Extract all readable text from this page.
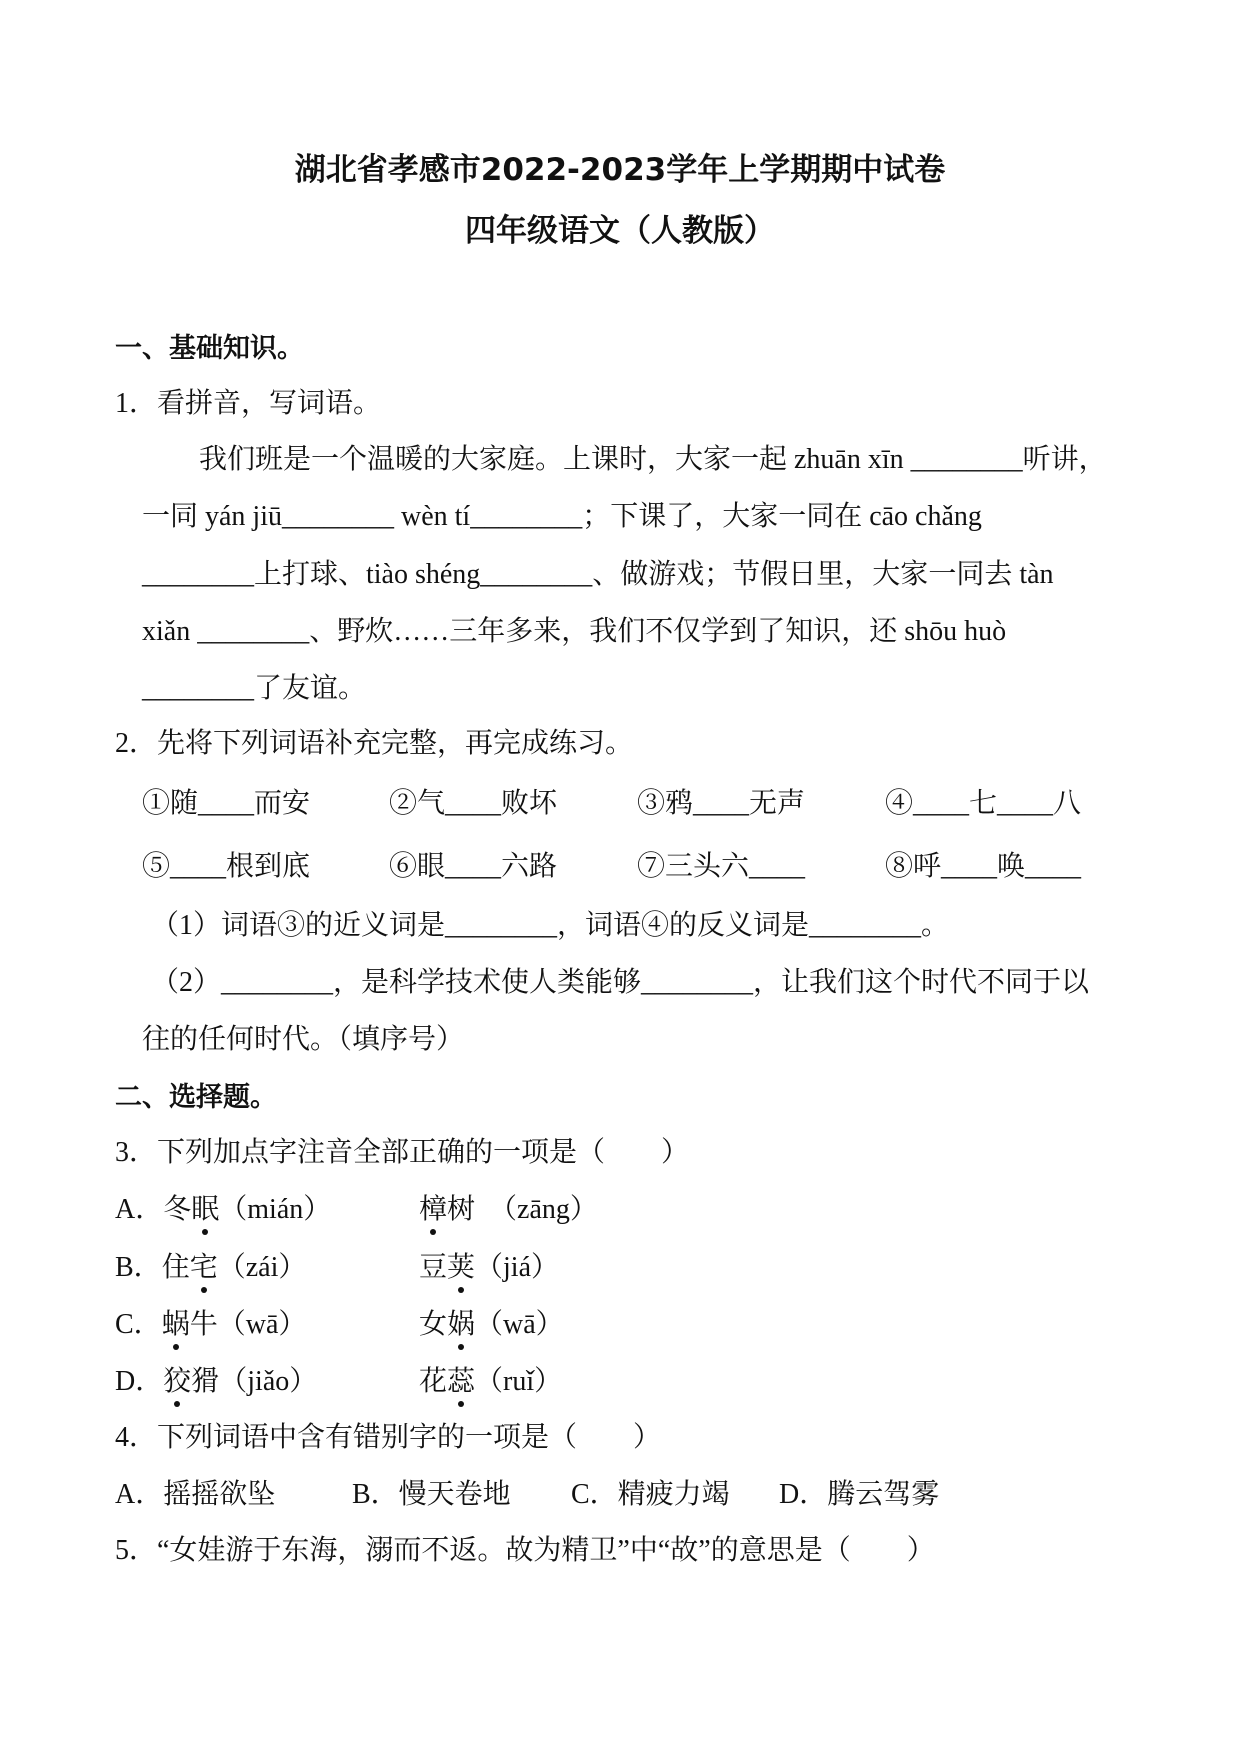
湖北省孝感市2022-2023学年上学期期中试卷
四年级语文（人教版）
一、基础知识。
1．看拼音，写词语。
我们班是一个温暖的大家庭。上课时，大家一起 zhuān xīn ________听讲，
一同 yán jiū________ wèn tí________；下课了，大家一同在 cāo chǎng
________上打球、tiào shéng________、做游戏；节假日里，大家一同去 tàn
xiǎn ________、野炊……三年多来，我们不仅学到了知识，还 shōu huò
________了友谊。
2．先将下列词语补充完整，再完成练习。
①随____而安	②气____败坏	③鸦____无声	④____七____八
⑤____根到底	⑥眼____六路	⑦三头六____	⑧呼____唤____
（1）词语③的近义词是________，词语④的反义词是________。
（2）________，是科学技术使人类能够________，让我们这个时代不同于以
往的任何时代。（填序号）
二、选择题。
3．下列加点字注音全部正确的一项是（　　）
A．冬眠（mián）	樟树 （zāng）
B．住宅（zái）	豆荚（jiá）
C．蜗牛（wā）	女娲（wā）
D．狡猾（jiǎo）	花蕊（ruǐ）
4．下列词语中含有错别字的一项是（　　）
A．摇摇欲坠	B．慢天卷地 C．精疲力竭 D．腾云驾雾
5．“女娃游于东海，溺而不返。故为精卫”中“故”的意思是（　　）
